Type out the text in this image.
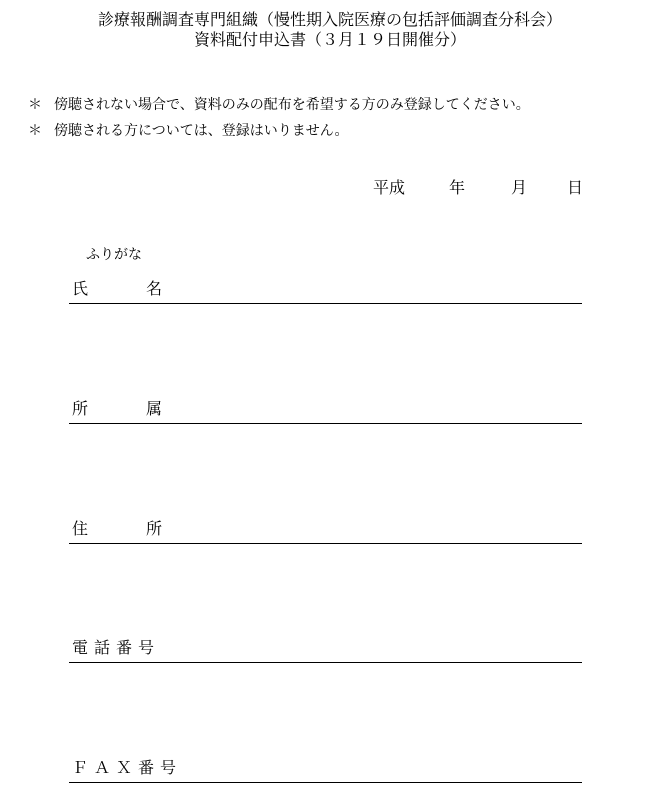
診療報酬調査専門組織（慢性期入院医療の包括評価調査分科会）
資料配付申込書（３月１９日開催分）
＊ 傍聴されない場合で、資料のみの配布を希望する方のみ登録してください。
＊ 傍聴される方については、登録はいりません。
平成	年	月 日
ふりがな
氏名
所属
住所
電話番号
ＦＡＸ番号
